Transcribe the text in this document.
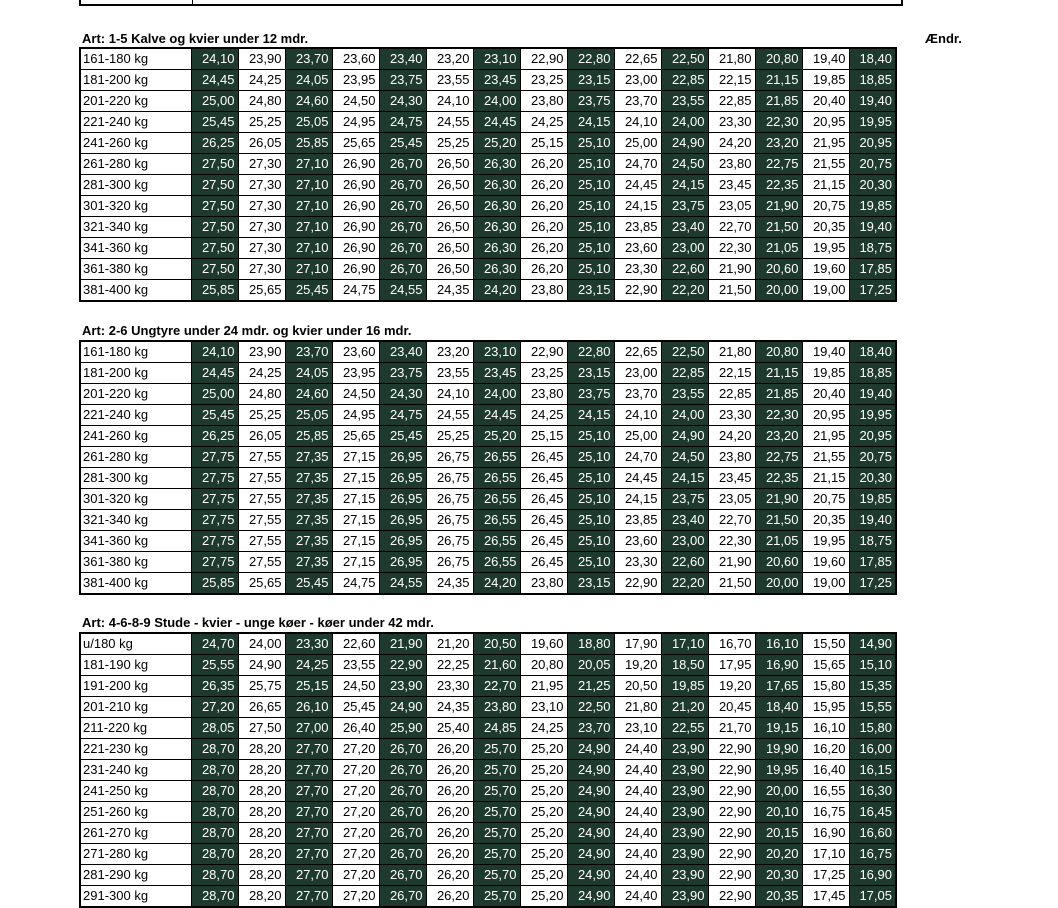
Art: 1-5 Kalve og kvier under 12 mdr.	Ændr.
161-180 kg	24,10	23,90	23,70	23,60	23,40	23,20	23,10	22,90	22,80	22,65	22,50	21,80	20,80	19,40	18,40
181-200 kg	24,45	24,25	24,05	23,95	23,75	23,55	23,45	23,25	23,15	23,00	22,85	22,15	21,15	19,85	18,85
201-220 kg	25,00	24,80	24,60	24,50	24,30	24,10	24,00	23,80	23,75	23,70	23,55	22,85	21,85	20,40	19,40
221-240 kg	25,45	25,25	25,05	24,95	24,75	24,55	24,45	24,25	24,15	24,10	24,00	23,30	22,30	20,95	19,95
241-260 kg	26,25	26,05	25,85	25,65	25,45	25,25	25,20	25,15	25,10	25,00	24,90	24,20	23,20	21,95	20,95
261-280 kg	27,50	27,30	27,10	26,90	26,70	26,50	26,30	26,20	25,10	24,70	24,50	23,80	22,75	21,55	20,75
281-300 kg	27,50	27,30	27,10	26,90	26,70	26,50	26,30	26,20	25,10	24,45	24,15	23,45	22,35	21,15	20,30
301-320 kg	27,50	27,30	27,10	26,90	26,70	26,50	26,30	26,20	25,10	24,15	23,75	23,05	21,90	20,75	19,85
321-340 kg	27,50	27,30	27,10	26,90	26,70	26,50	26,30	26,20	25,10	23,85	23,40	22,70	21,50	20,35	19,40
341-360 kg	27,50	27,30	27,10	26,90	26,70	26,50	26,30	26,20	25,10	23,60	23,00	22,30	21,05	19,95	18,75
361-380 kg	27,50	27,30	27,10	26,90	26,70	26,50	26,30	26,20	25,10	23,30	22,60	21,90	20,60	19,60	17,85
381-400 kg	25,85	25,65	25,45	24,75	24,55	24,35	24,20	23,80	23,15	22,90	22,20	21,50	20,00	19,00	17,25
Art: 2-6 Ungtyre under 24 mdr. og kvier under 16 mdr.
161-180 kg	24,10	23,90	23,70	23,60	23,40	23,20	23,10	22,90	22,80	22,65	22,50	21,80	20,80	19,40	18,40
181-200 kg	24,45	24,25	24,05	23,95	23,75	23,55	23,45	23,25	23,15	23,00	22,85	22,15	21,15	19,85	18,85
201-220 kg	25,00	24,80	24,60	24,50	24,30	24,10	24,00	23,80	23,75	23,70	23,55	22,85	21,85	20,40	19,40
221-240 kg	25,45	25,25	25,05	24,95	24,75	24,55	24,45	24,25	24,15	24,10	24,00	23,30	22,30	20,95	19,95
241-260 kg	26,25	26,05	25,85	25,65	25,45	25,25	25,20	25,15	25,10	25,00	24,90	24,20	23,20	21,95	20,95
261-280 kg	27,75	27,55	27,35	27,15	26,95	26,75	26,55	26,45	25,10	24,70	24,50	23,80	22,75	21,55	20,75
281-300 kg	27,75	27,55	27,35	27,15	26,95	26,75	26,55	26,45	25,10	24,45	24,15	23,45	22,35	21,15	20,30
301-320 kg	27,75	27,55	27,35	27,15	26,95	26,75	26,55	26,45	25,10	24,15	23,75	23,05	21,90	20,75	19,85
321-340 kg	27,75	27,55	27,35	27,15	26,95	26,75	26,55	26,45	25,10	23,85	23,40	22,70	21,50	20,35	19,40
341-360 kg	27,75	27,55	27,35	27,15	26,95	26,75	26,55	26,45	25,10	23,60	23,00	22,30	21,05	19,95	18,75
361-380 kg	27,75	27,55	27,35	27,15	26,95	26,75	26,55	26,45	25,10	23,30	22,60	21,90	20,60	19,60	17,85
381-400 kg	25,85	25,65	25,45	24,75	24,55	24,35	24,20	23,80	23,15	22,90	22,20	21,50	20,00	19,00	17,25
Art: 4-6-8-9 Stude - kvier - unge køer - køer under 42 mdr.
u/180 kg	24,70	24,00	23,30	22,60	21,90	21,20	20,50	19,60	18,80	17,90	17,10	16,70	16,10	15,50	14,90
181-190 kg	25,55	24,90	24,25	23,55	22,90	22,25	21,60	20,80	20,05	19,20	18,50	17,95	16,90	15,65	15,10
191-200 kg	26,35	25,75	25,15	24,50	23,90	23,30	22,70	21,95	21,25	20,50	19,85	19,20	17,65	15,80	15,35
201-210 kg	27,20	26,65	26,10	25,45	24,90	24,35	23,80	23,10	22,50	21,80	21,20	20,45	18,40	15,95	15,55
211-220 kg	28,05	27,50	27,00	26,40	25,90	25,40	24,85	24,25	23,70	23,10	22,55	21,70	19,15	16,10	15,80
221-230 kg	28,70	28,20	27,70	27,20	26,70	26,20	25,70	25,20	24,90	24,40	23,90	22,90	19,90	16,20	16,00
231-240 kg	28,70	28,20	27,70	27,20	26,70	26,20	25,70	25,20	24,90	24,40	23,90	22,90	19,95	16,40	16,15
241-250 kg	28,70	28,20	27,70	27,20	26,70	26,20	25,70	25,20	24,90	24,40	23,90	22,90	20,00	16,55	16,30
251-260 kg	28,70	28,20	27,70	27,20	26,70	26,20	25,70	25,20	24,90	24,40	23,90	22,90	20,10	16,75	16,45
261-270 kg	28,70	28,20	27,70	27,20	26,70	26,20	25,70	25,20	24,90	24,40	23,90	22,90	20,15	16,90	16,60
271-280 kg	28,70	28,20	27,70	27,20	26,70	26,20	25,70	25,20	24,90	24,40	23,90	22,90	20,20	17,10	16,75
281-290 kg	28,70	28,20	27,70	27,20	26,70	26,20	25,70	25,20	24,90	24,40	23,90	22,90	20,30	17,25	16,90
291-300 kg	28,70	28,20	27,70	27,20	26,70	26,20	25,70	25,20	24,90	24,40	23,90	22,90	20,35	17,45	17,05
